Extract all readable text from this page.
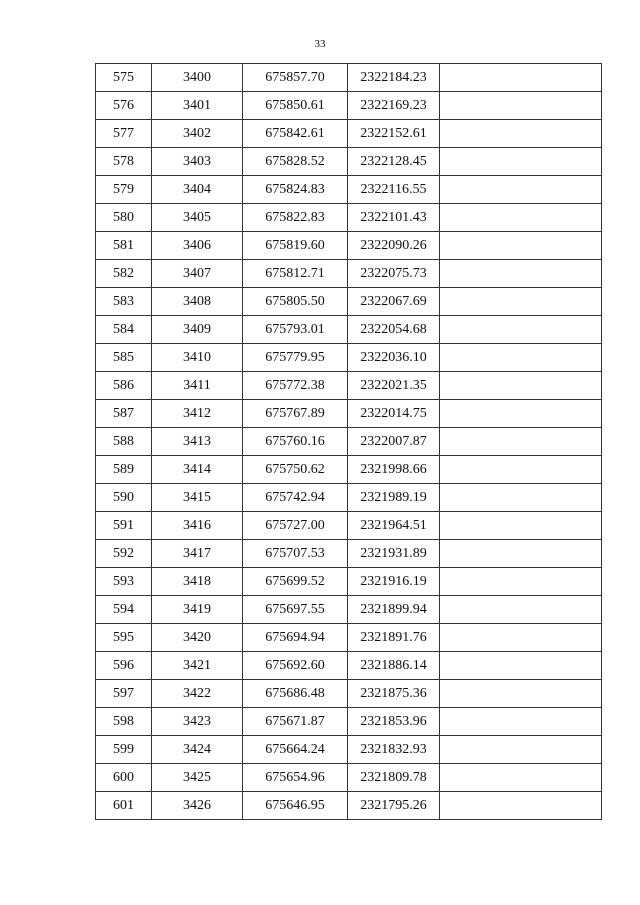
33
575	3400	675857.70	2322184.23	
576	3401	675850.61	2322169.23	
577	3402	675842.61	2322152.61	
578	3403	675828.52	2322128.45	
579	3404	675824.83	2322116.55	
580	3405	675822.83	2322101.43	
581	3406	675819.60	2322090.26	
582	3407	675812.71	2322075.73	
583	3408	675805.50	2322067.69	
584	3409	675793.01	2322054.68	
585	3410	675779.95	2322036.10	
586	3411	675772.38	2322021.35	
587	3412	675767.89	2322014.75	
588	3413	675760.16	2322007.87	
589	3414	675750.62	2321998.66	
590	3415	675742.94	2321989.19	
591	3416	675727.00	2321964.51	
592	3417	675707.53	2321931.89	
593	3418	675699.52	2321916.19	
594	3419	675697.55	2321899.94	
595	3420	675694.94	2321891.76	
596	3421	675692.60	2321886.14	
597	3422	675686.48	2321875.36	
598	3423	675671.87	2321853.96	
599	3424	675664.24	2321832.93	
600	3425	675654.96	2321809.78	
601	3426	675646.95	2321795.26	
